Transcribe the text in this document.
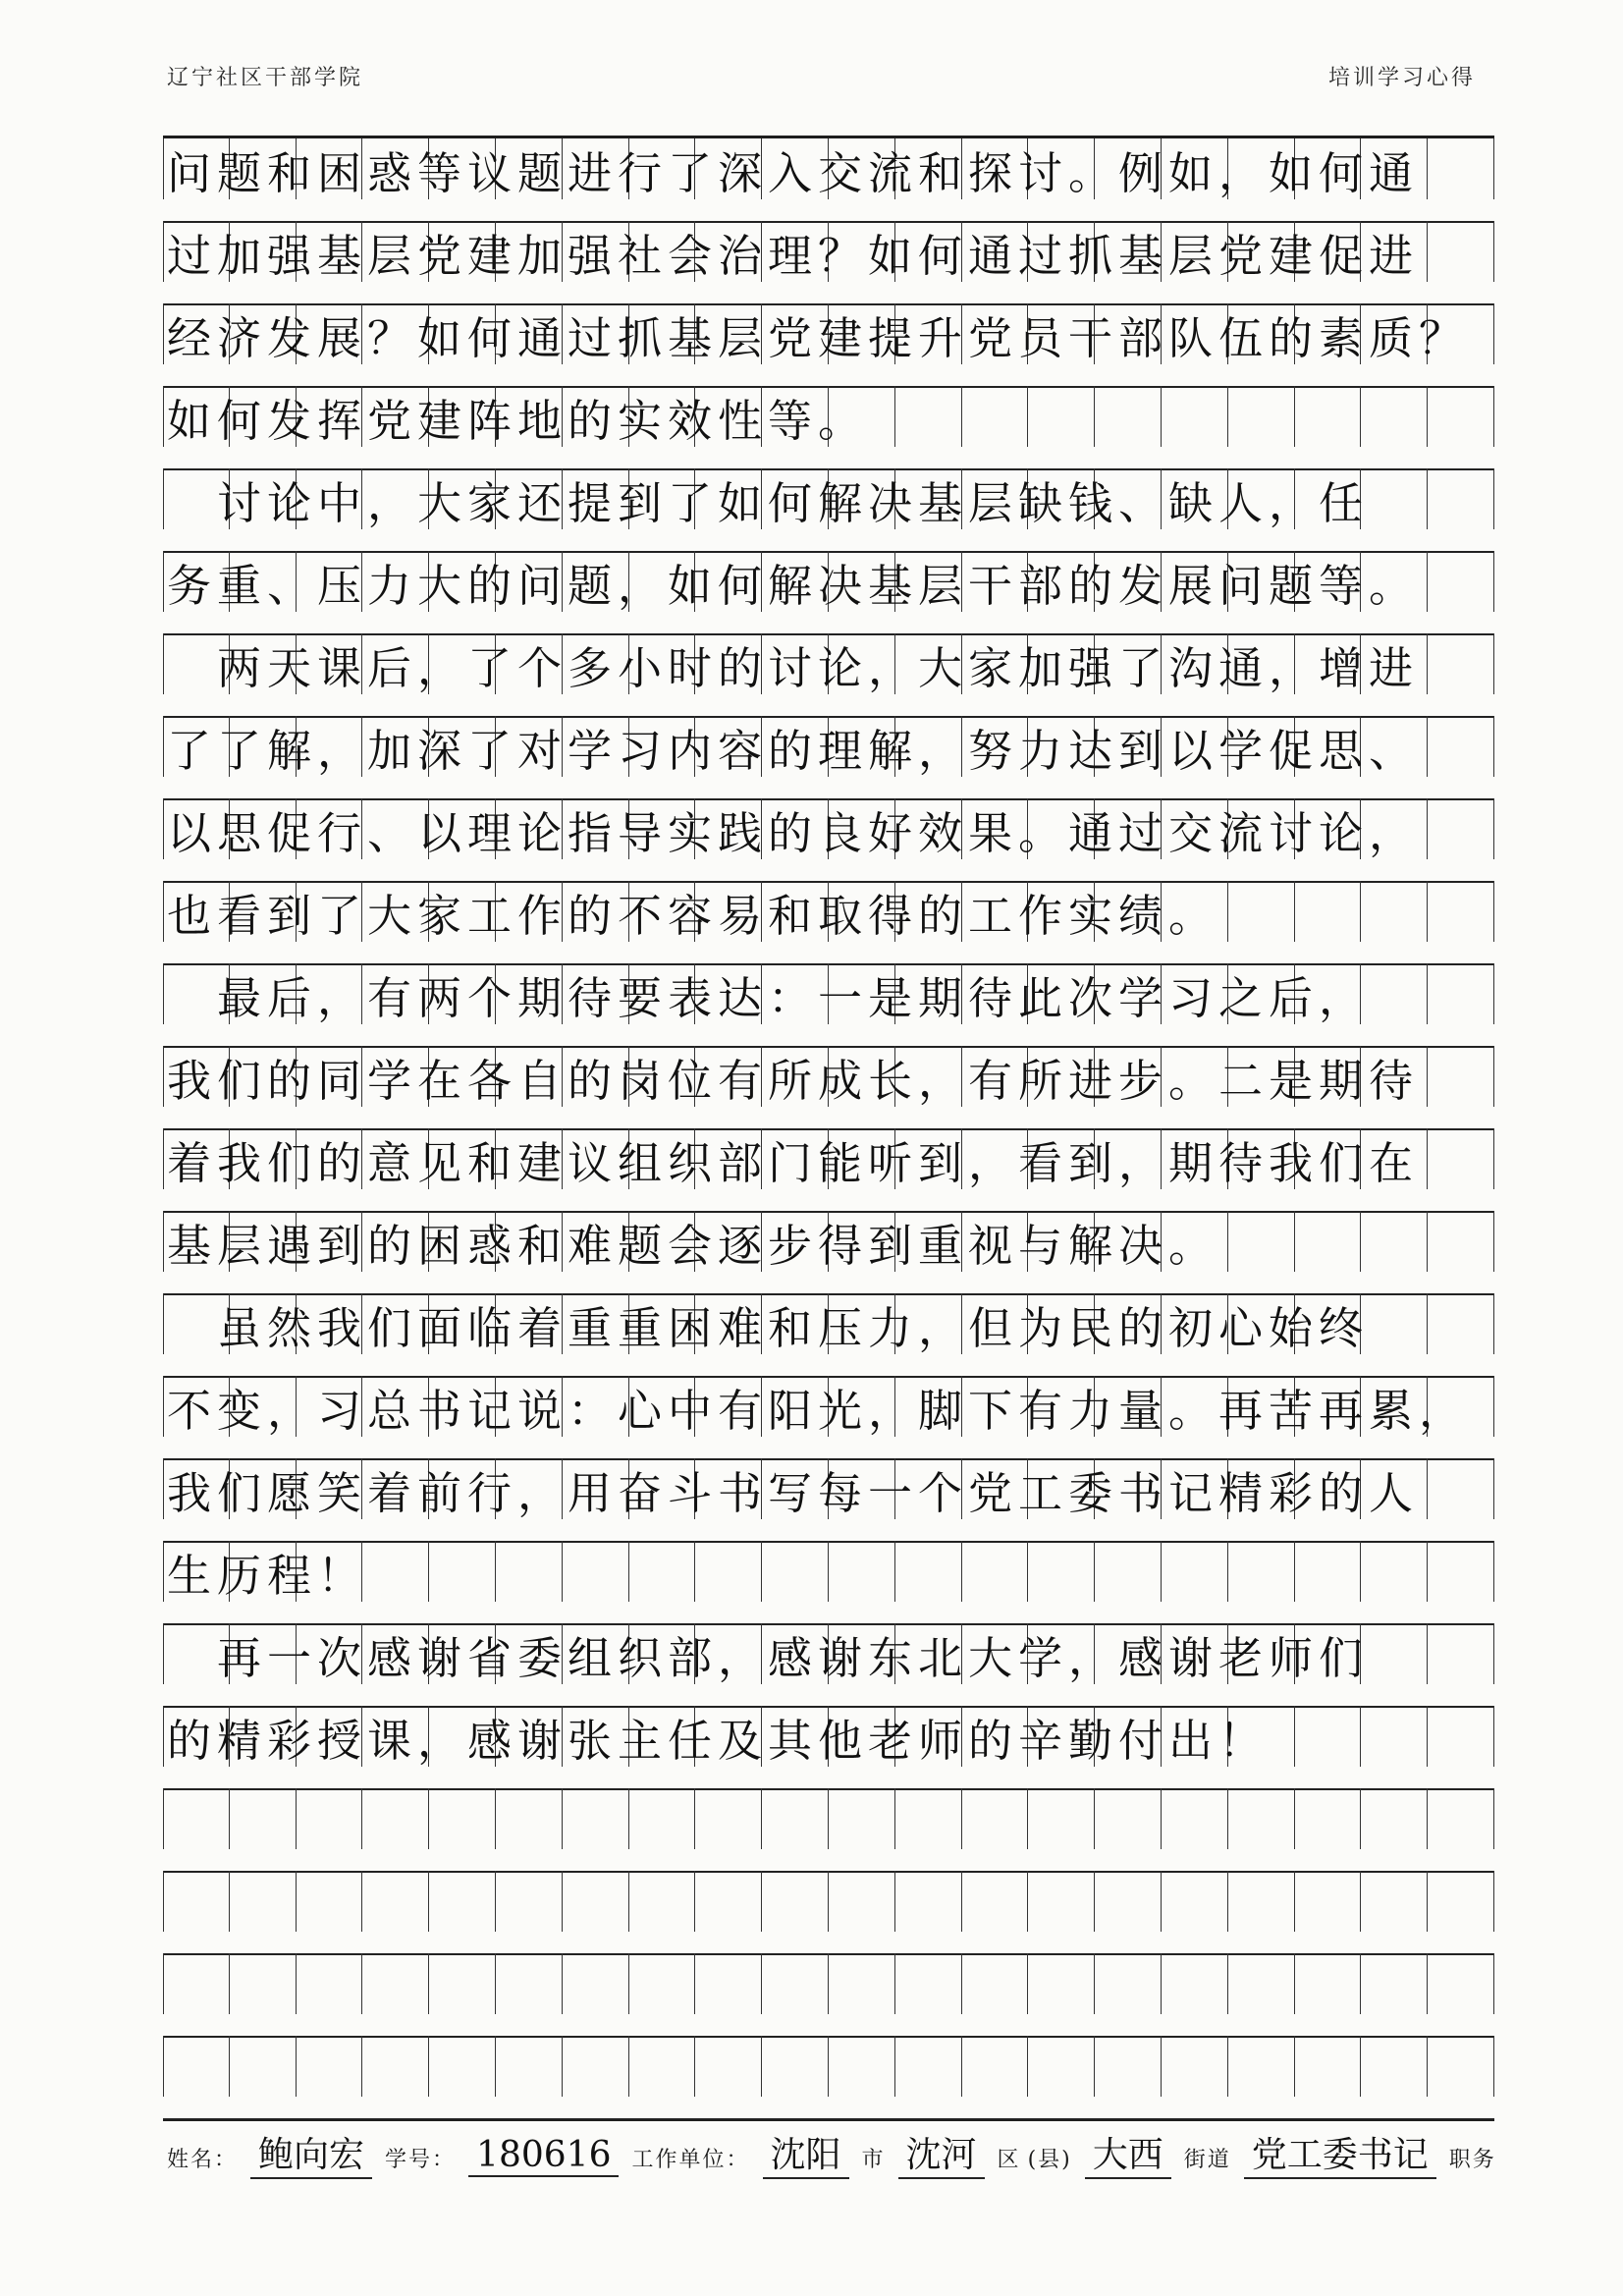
辽宁社区干部学院	培训学习心得
问题和困惑等议题进行了深入交流和探讨。例如，如何通
过加强基层党建加强社会治理？如何通过抓基层党建促进
经济发展？如何通过抓基层党建提升党员干部队伍的素质？
如何发挥党建阵地的实效性等。
　讨论中，大家还提到了如何解决基层缺钱、缺人，任
务重、压力大的问题，如何解决基层干部的发展问题等。
　两天课后，了个多小时的讨论，大家加强了沟通，增进
了了解，加深了对学习内容的理解，努力达到以学促思、
以思促行、以理论指导实践的良好效果。通过交流讨论，
也看到了大家工作的不容易和取得的工作实绩。
　最后，有两个期待要表达：一是期待此次学习之后，
我们的同学在各自的岗位有所成长，有所进步。二是期待
着我们的意见和建议组织部门能听到，看到，期待我们在
基层遇到的困惑和难题会逐步得到重视与解决。
　虽然我们面临着重重困难和压力，但为民的初心始终
不变，习总书记说：心中有阳光，脚下有力量。再苦再累，
我们愿笑着前行，用奋斗书写每一个党工委书记精彩的人
生历程！
　再一次感谢省委组织部，感谢东北大学，感谢老师们
的精彩授课，感谢张主任及其他老师的辛勤付出！
姓名： 鲍向宏 学号： 180616 工作单位： 沈阳 市 沈河 区 (县) 大西 街道 党工委书记 职务
